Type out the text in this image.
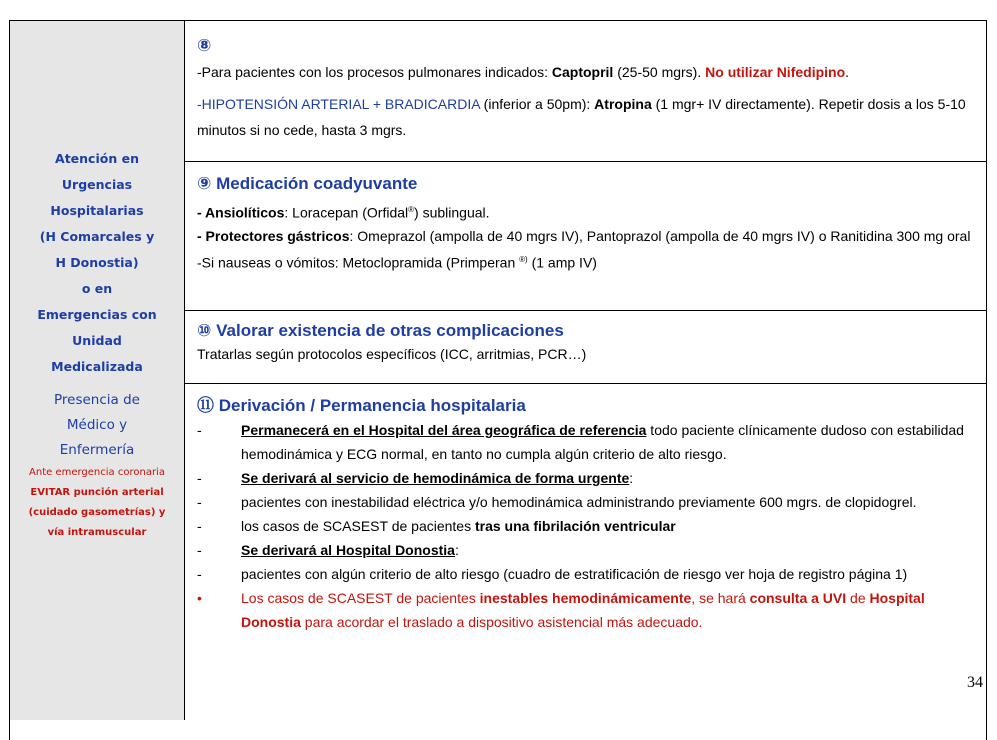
Atención en
Urgencias
Hospitalarias
(H Comarcales y
H Donostia)
o en
Emergencias con
Unidad
Medicalizada
Presencia de
Médico y
Enfermería
Ante emergencia coronaria
EVITAR punción arterial
(cuidado gasometrías) y
vía intramuscular
⑧
-Para pacientes con los procesos pulmonares indicados: Captopril (25-50 mgrs). No utilizar Nifedipino.
-HIPOTENSIÓN ARTERIAL + BRADICARDIA (inferior a 50pm): Atropina (1 mgr+ IV directamente). Repetir dosis a los 5-10 minutos si no cede, hasta 3 mgrs.
⑨ Medicación coadyuvante
- Ansiolíticos: Loracepan (Orfidal®) sublingual.
- Protectores gástricos: Omeprazol (ampolla de 40 mgrs IV), Pantoprazol (ampolla de 40 mgrs IV) o Ranitidina 300 mg oral
-Si nauseas o vómitos: Metoclopramida (Primperan ®) (1 amp IV)
⑩ Valorar existencia de otras complicaciones
Tratarlas según protocolos específicos (ICC, arritmias, PCR…)
⑪ Derivación / Permanencia hospitalaria
-	Permanecerá en el Hospital del área geográfica de referencia todo paciente clínicamente dudoso con estabilidad hemodinámica y ECG normal, en tanto no cumpla algún criterio de alto riesgo.
-	Se derivará al servicio de hemodinámica de forma urgente:
-	pacientes con inestabilidad eléctrica y/o hemodinámica administrando previamente 600 mgrs. de clopidogrel.
-	los casos de SCASEST de pacientes tras una fibrilación ventricular
-	Se derivará al Hospital Donostia:
-	pacientes con algún criterio de alto riesgo (cuadro de estratificación de riesgo ver hoja de registro página 1)
•	Los casos de SCASEST de pacientes inestables hemodinámicamente, se hará consulta a UVI de Hospital Donostia para acordar el traslado a dispositivo asistencial más adecuado.
34
